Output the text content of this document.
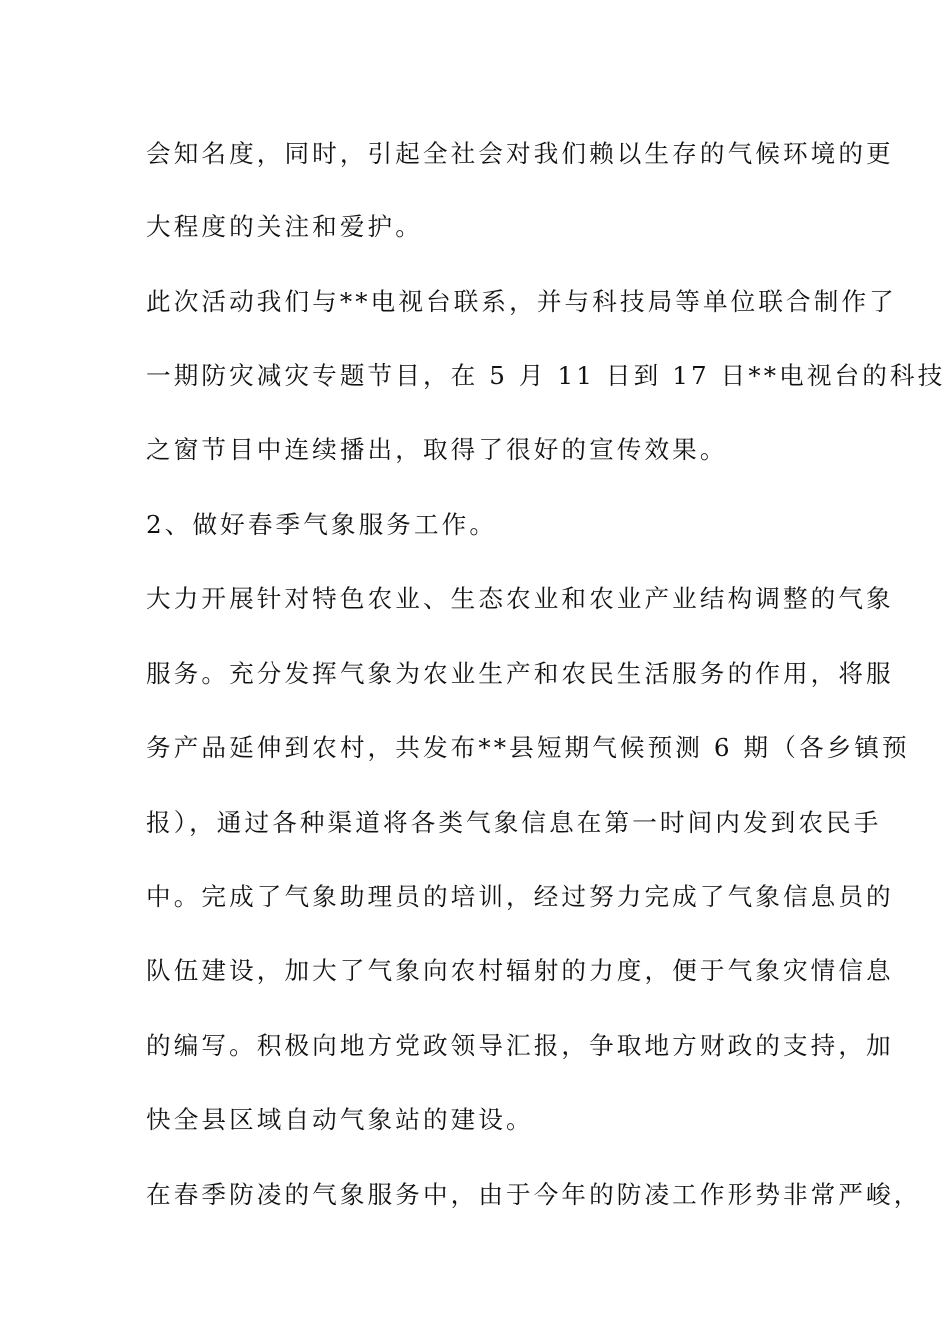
会知名度，同时，引起全社会对我们赖以生存的气候环境的更
大程度的关注和爱护。
此次活动我们与**电视台联系，并与科技局等单位联合制作了
一期防灾减灾专题节目，在 5 月 11 日到 17 日**电视台的科技
之窗节目中连续播出，取得了很好的宣传效果。
2、做好春季气象服务工作。
大力开展针对特色农业、生态农业和农业产业结构调整的气象
服务。充分发挥气象为农业生产和农民生活服务的作用，将服
务产品延伸到农村，共发布**县短期气候预测 6 期（各乡镇预
报），通过各种渠道将各类气象信息在第一时间内发到农民手
中。完成了气象助理员的培训，经过努力完成了气象信息员的
队伍建设，加大了气象向农村辐射的力度，便于气象灾情信息
的编写。积极向地方党政领导汇报，争取地方财政的支持，加
快全县区域自动气象站的建设。
在春季防凌的气象服务中，由于今年的防凌工作形势非常严峻，
